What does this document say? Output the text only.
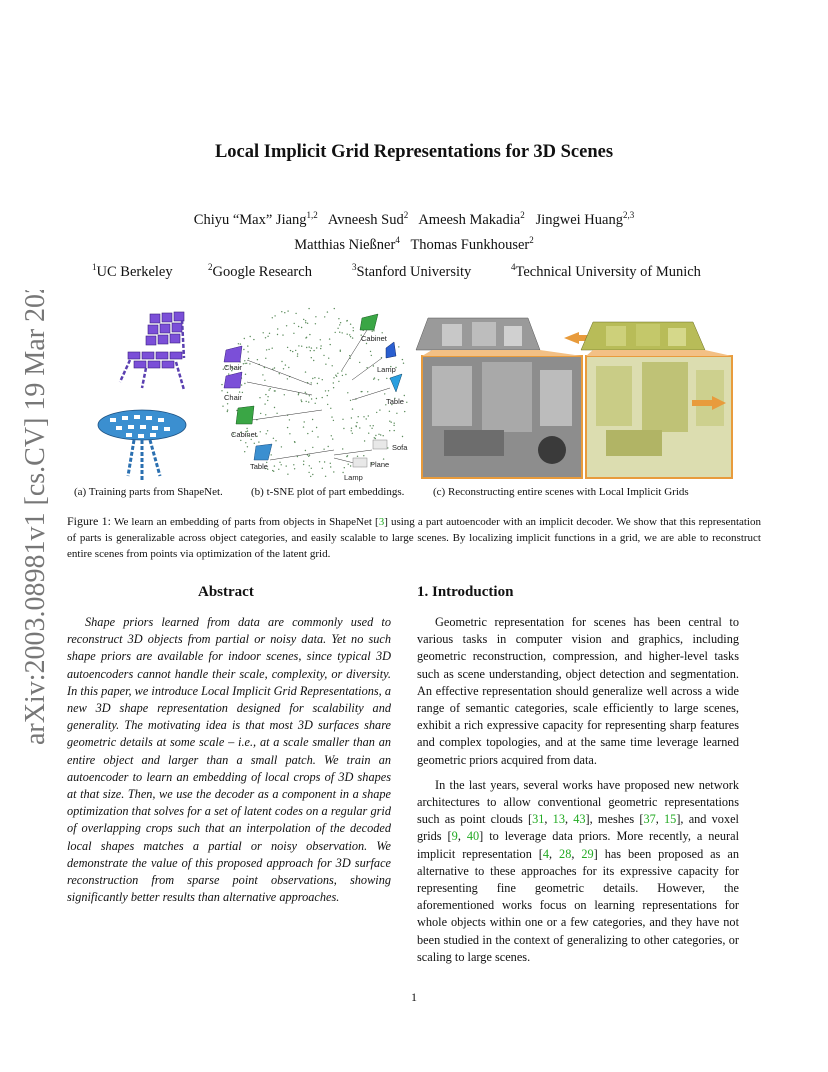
arXiv:2003.08981v1 [cs.CV] 19 Mar 2020
Local Implicit Grid Representations for 3D Scenes
Chiyu “Max” Jiang$^{1,2}$ Avneesh Sud$^2$ Ameesh Makadia$^2$ Jingwei Huang$^{2,3}$
Matthias Nießner$^4$ Thomas Funkhouser$^2$
$^1$UC Berkeley	$^2$Google Research	$^3$Stanford University	$^4$Technical University of Munich
Cabinet
Lamp
Chair
Table
Chair
Cabinet
Sofa
Table	Plane
Lamp
(a) Training parts from ShapeNet.	(b) t-SNE plot of part embeddings.	(c) Reconstructing entire scenes with Local Implicit Grids
Figure 1: We learn an embedding of parts from objects in ShapeNet [3] using a part autoencoder with an implicit decoder. We show that this representation of parts is generalizable across object categories, and easily scalable to large scenes. By localizing implicit functions in a grid, we are able to reconstruct entire scenes from points via optimization of the latent grid.
Abstract	1. Introduction

Shape priors learned from data are commonly used to reconstruct 3D objects from partial or noisy data. Yet no such shape priors are available for indoor scenes, since typical 3D autoencoders cannot handle their scale, complexity, or diversity. In this paper, we introduce Local Implicit Grid Representations, a new 3D shape representation designed for scalability and generality. The motivating idea is that most 3D surfaces share geometric details at some scale – i.e., at a scale smaller than an entire object and larger than a small patch. We train an autoencoder to learn an embedding of local crops of 3D shapes at that size. Then, we use the decoder as a component in a shape optimization that solves for a set of latent codes on a regular grid of overlapping crops such that an interpolation of the decoded local shapes matches a partial or noisy observation. We demonstrate the value of this proposed approach for 3D surface reconstruction from sparse point observations, showing significantly better results than alternative approaches.

Geometric representation for scenes has been central to various tasks in computer vision and graphics, including geometric reconstruction, compression, and higher-level tasks such as scene understanding, object detection and segmentation. An effective representation should generalize well across a wide range of semantic categories, scale efficiently to large scenes, exhibit a rich expressive capacity for representing sharp features and complex topologies, and at the same time leverage learned geometric priors acquired from data.

In the last years, several works have proposed new network architectures to allow conventional geometric representations such as point clouds [31, 13, 43], meshes [37, 15], and voxel grids [9, 40] to leverage data priors. More recently, a neural implicit representation [4, 28, 29] has been proposed as an alternative to these approaches for its expressive capacity for representing fine geometric details. However, the aforementioned works focus on learning representations for whole objects within one or a few categories, and they have not been studied in the context of generalizing to other categories, or scaling to large scenes.

1
